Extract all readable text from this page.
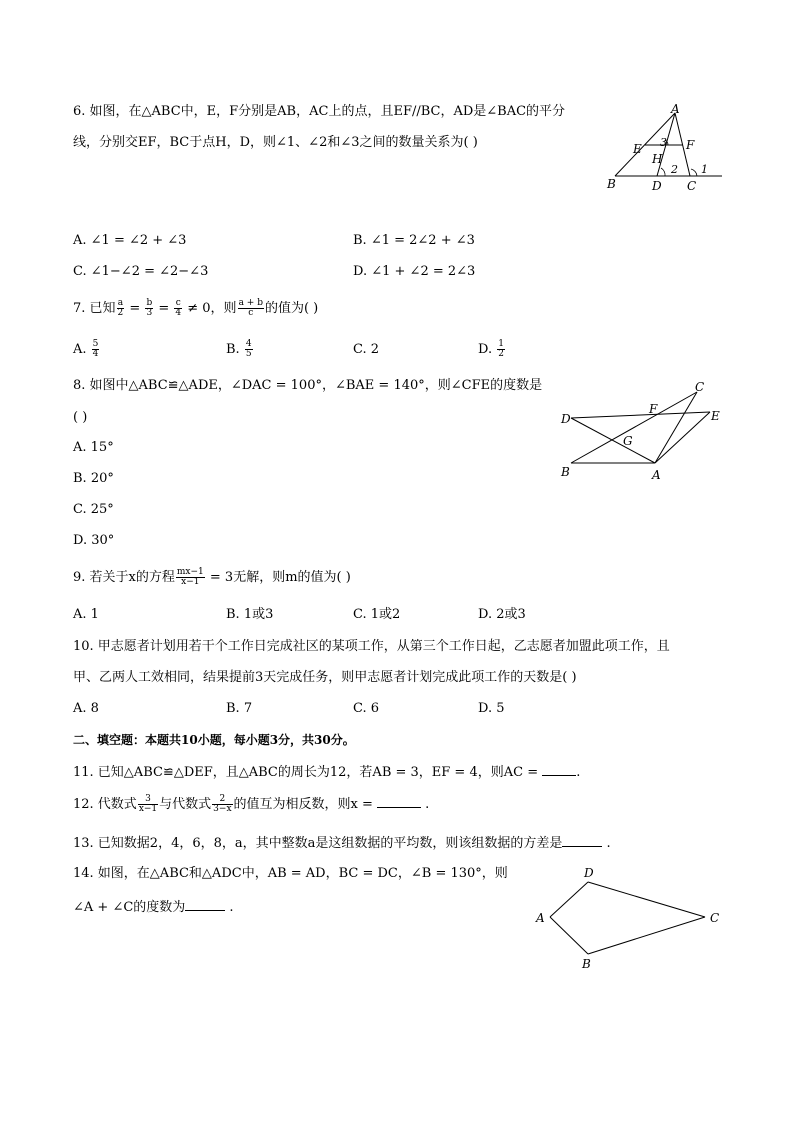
6. 如图，在△ABC中，E，F分别是AB，AC上的点，且EF//BC，AD是∠BAC的平分
线，分别交EF，BC于点H，D，则∠1、∠2和∠3之间的数量关系为( )
A
B	C
D
E	F
H
1
2
3
A. ∠1 = ∠2 + ∠3	B. ∠1 = 2∠2 + ∠3
C. ∠1−∠2 = ∠2−∠3	D. ∠1 + ∠2 = 2∠3
7. 已知 $\frac{a}{2} = \frac{b}{3} = \frac{c}{4} \ne 0$，则 $\frac{a + b}{c}$ 的值为( )
A. $\frac{5}{4}$	B. $\frac{4}{5}$	C. 2	D. $\frac{1}{2}$
8. 如图中△ABC≌△ADE，∠DAC = 100°，∠BAE = 140°，则∠CFE的度数是
( )
A. 15°
B. 20°
C. 25°
D. 30°
A
B
C
D	E
F
G
9. 若关于x的方程 $\frac{mx-1}{x-1} = 3$无解，则m的值为( )
A. 1	B. 1或3	C. 1或2	D. 2或3
10. 甲志愿者计划用若干个工作日完成社区的某项工作，从第三个工作日起，乙志愿者加盟此项工作，且
甲、乙两人工效相同，结果提前3天完成任务，则甲志愿者计划完成此项工作的天数是( )
A. 8	B. 7	C. 6	D. 5
二、填空题：本题共10小题，每小题3分，共30分。
11. 已知△ABC≌△DEF，且△ABC的周长为12，若AB = 3，EF = 4，则AC =	.
12. 代数式 $\frac{3}{x-1}$ 与代数式 $\frac{2}{3-x}$ 的值互为相反数，则x =	.
13. 已知数据2，4，6，8，a，其中整数a是这组数据的平均数，则该组数据的方差是	.
14. 如图，在△ABC和△ADC中，AB = AD，BC = DC，∠B = 130°，则
∠A + ∠C的度数为	.
A
B
C
D
